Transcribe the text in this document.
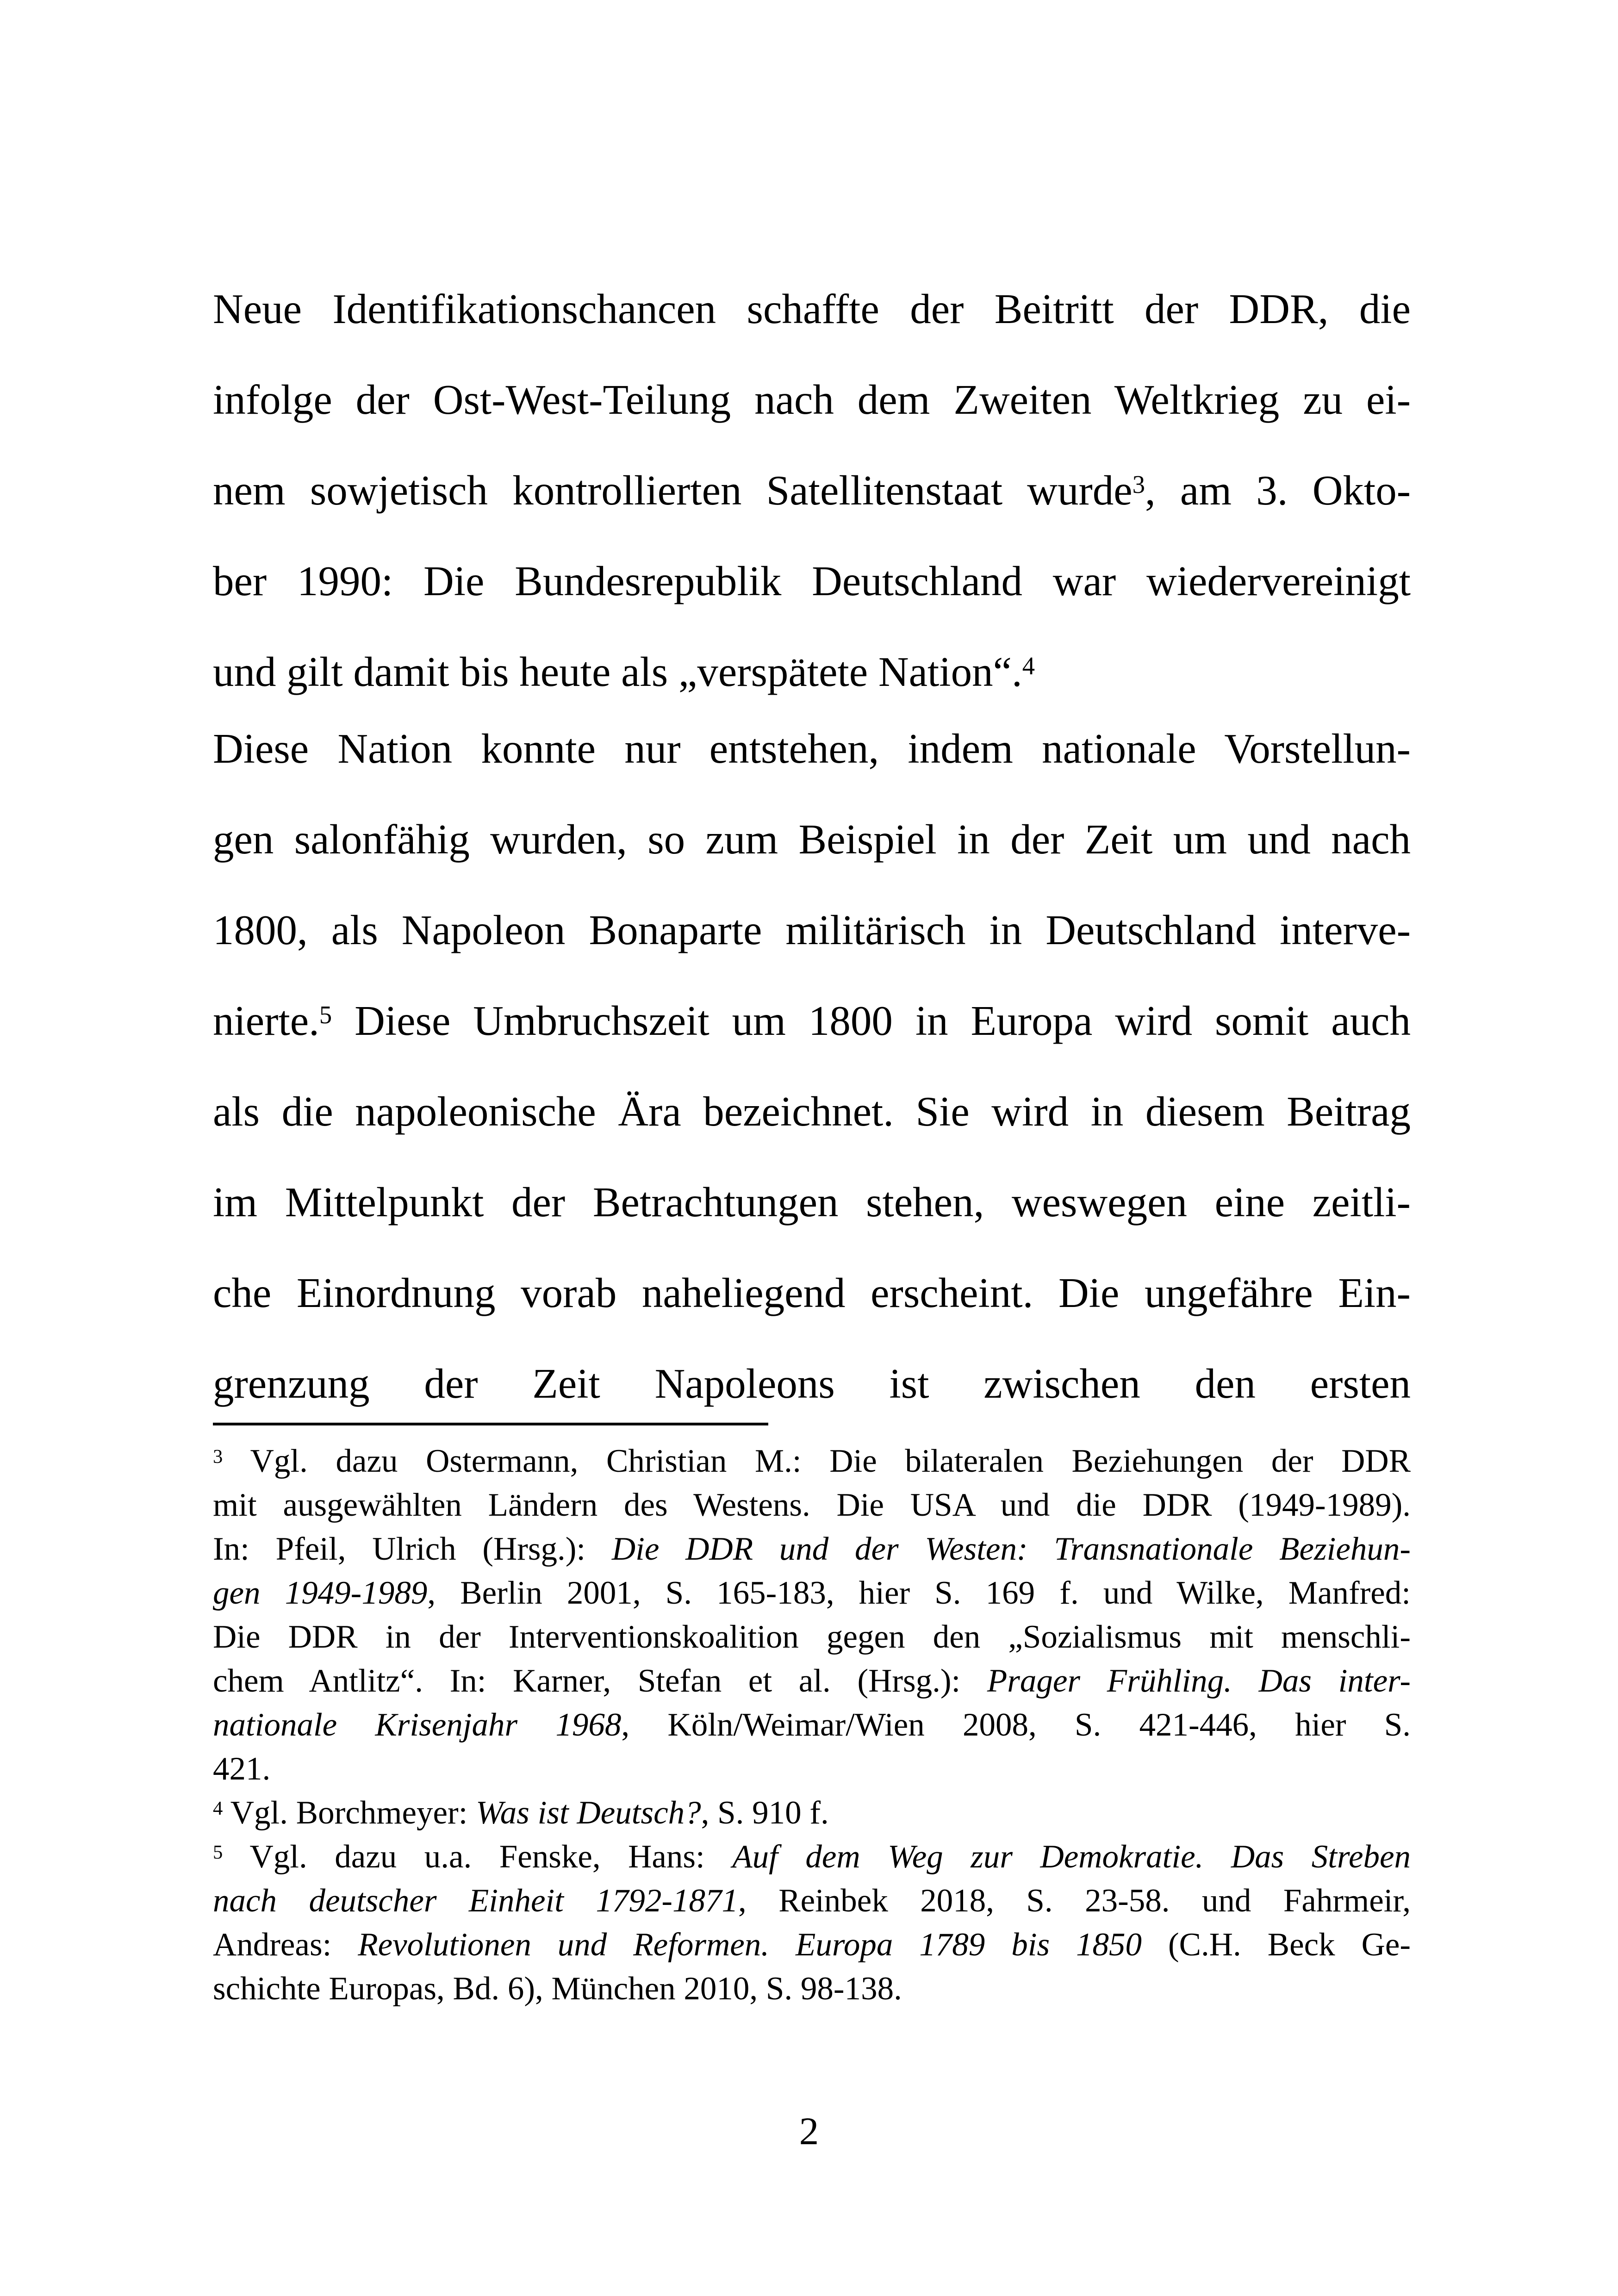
Neue Identifikationschancen schaffte der Beitritt der DDR, die
infolge der Ost-West-Teilung nach dem Zweiten Weltkrieg zu ei-
nem sowjetisch kontrollierten Satellitenstaat wurde$^3$, am 3. Okto-
ber 1990: Die Bundesrepublik Deutschland war wiedervereinigt
und gilt damit bis heute als „verspätete Nation“.$^4$
Diese Nation konnte nur entstehen, indem nationale Vorstellun-
gen salonfähig wurden, so zum Beispiel in der Zeit um und nach
1800, als Napoleon Bonaparte militärisch in Deutschland interve-
nierte.$^5$ Diese Umbruchszeit um 1800 in Europa wird somit auch
als die napoleonische Ära bezeichnet. Sie wird in diesem Beitrag
im Mittelpunkt der Betrachtungen stehen, weswegen eine zeitli-
che Einordnung vorab naheliegend erscheint. Die ungefähre Ein-
grenzung der Zeit Napoleons ist zwischen den ersten
$^3$ Vgl. dazu Ostermann, Christian M.: Die bilateralen Beziehungen der DDR
mit ausgewählten Ländern des Westens. Die USA und die DDR (1949-1989).
In: Pfeil, Ulrich (Hrsg.): Die DDR und der Westen: Transnationale Beziehun-
gen 1949-1989, Berlin 2001, S. 165-183, hier S. 169 f. und Wilke, Manfred:
Die DDR in der Interventionskoalition gegen den „Sozialismus mit menschli-
chem Antlitz“. In: Karner, Stefan et al. (Hrsg.): Prager Frühling. Das inter-
nationale Krisenjahr 1968, Köln/Weimar/Wien 2008, S. 421-446, hier S.
421.
$^4$ Vgl. Borchmeyer: Was ist Deutsch?, S. 910 f.
$^5$ Vgl. dazu u.a. Fenske, Hans: Auf dem Weg zur Demokratie. Das Streben
nach deutscher Einheit 1792-1871, Reinbek 2018, S. 23-58. und Fahrmeir,
Andreas: Revolutionen und Reformen. Europa 1789 bis 1850 (C.H. Beck Ge-
schichte Europas, Bd. 6), München 2010, S. 98-138.
2
